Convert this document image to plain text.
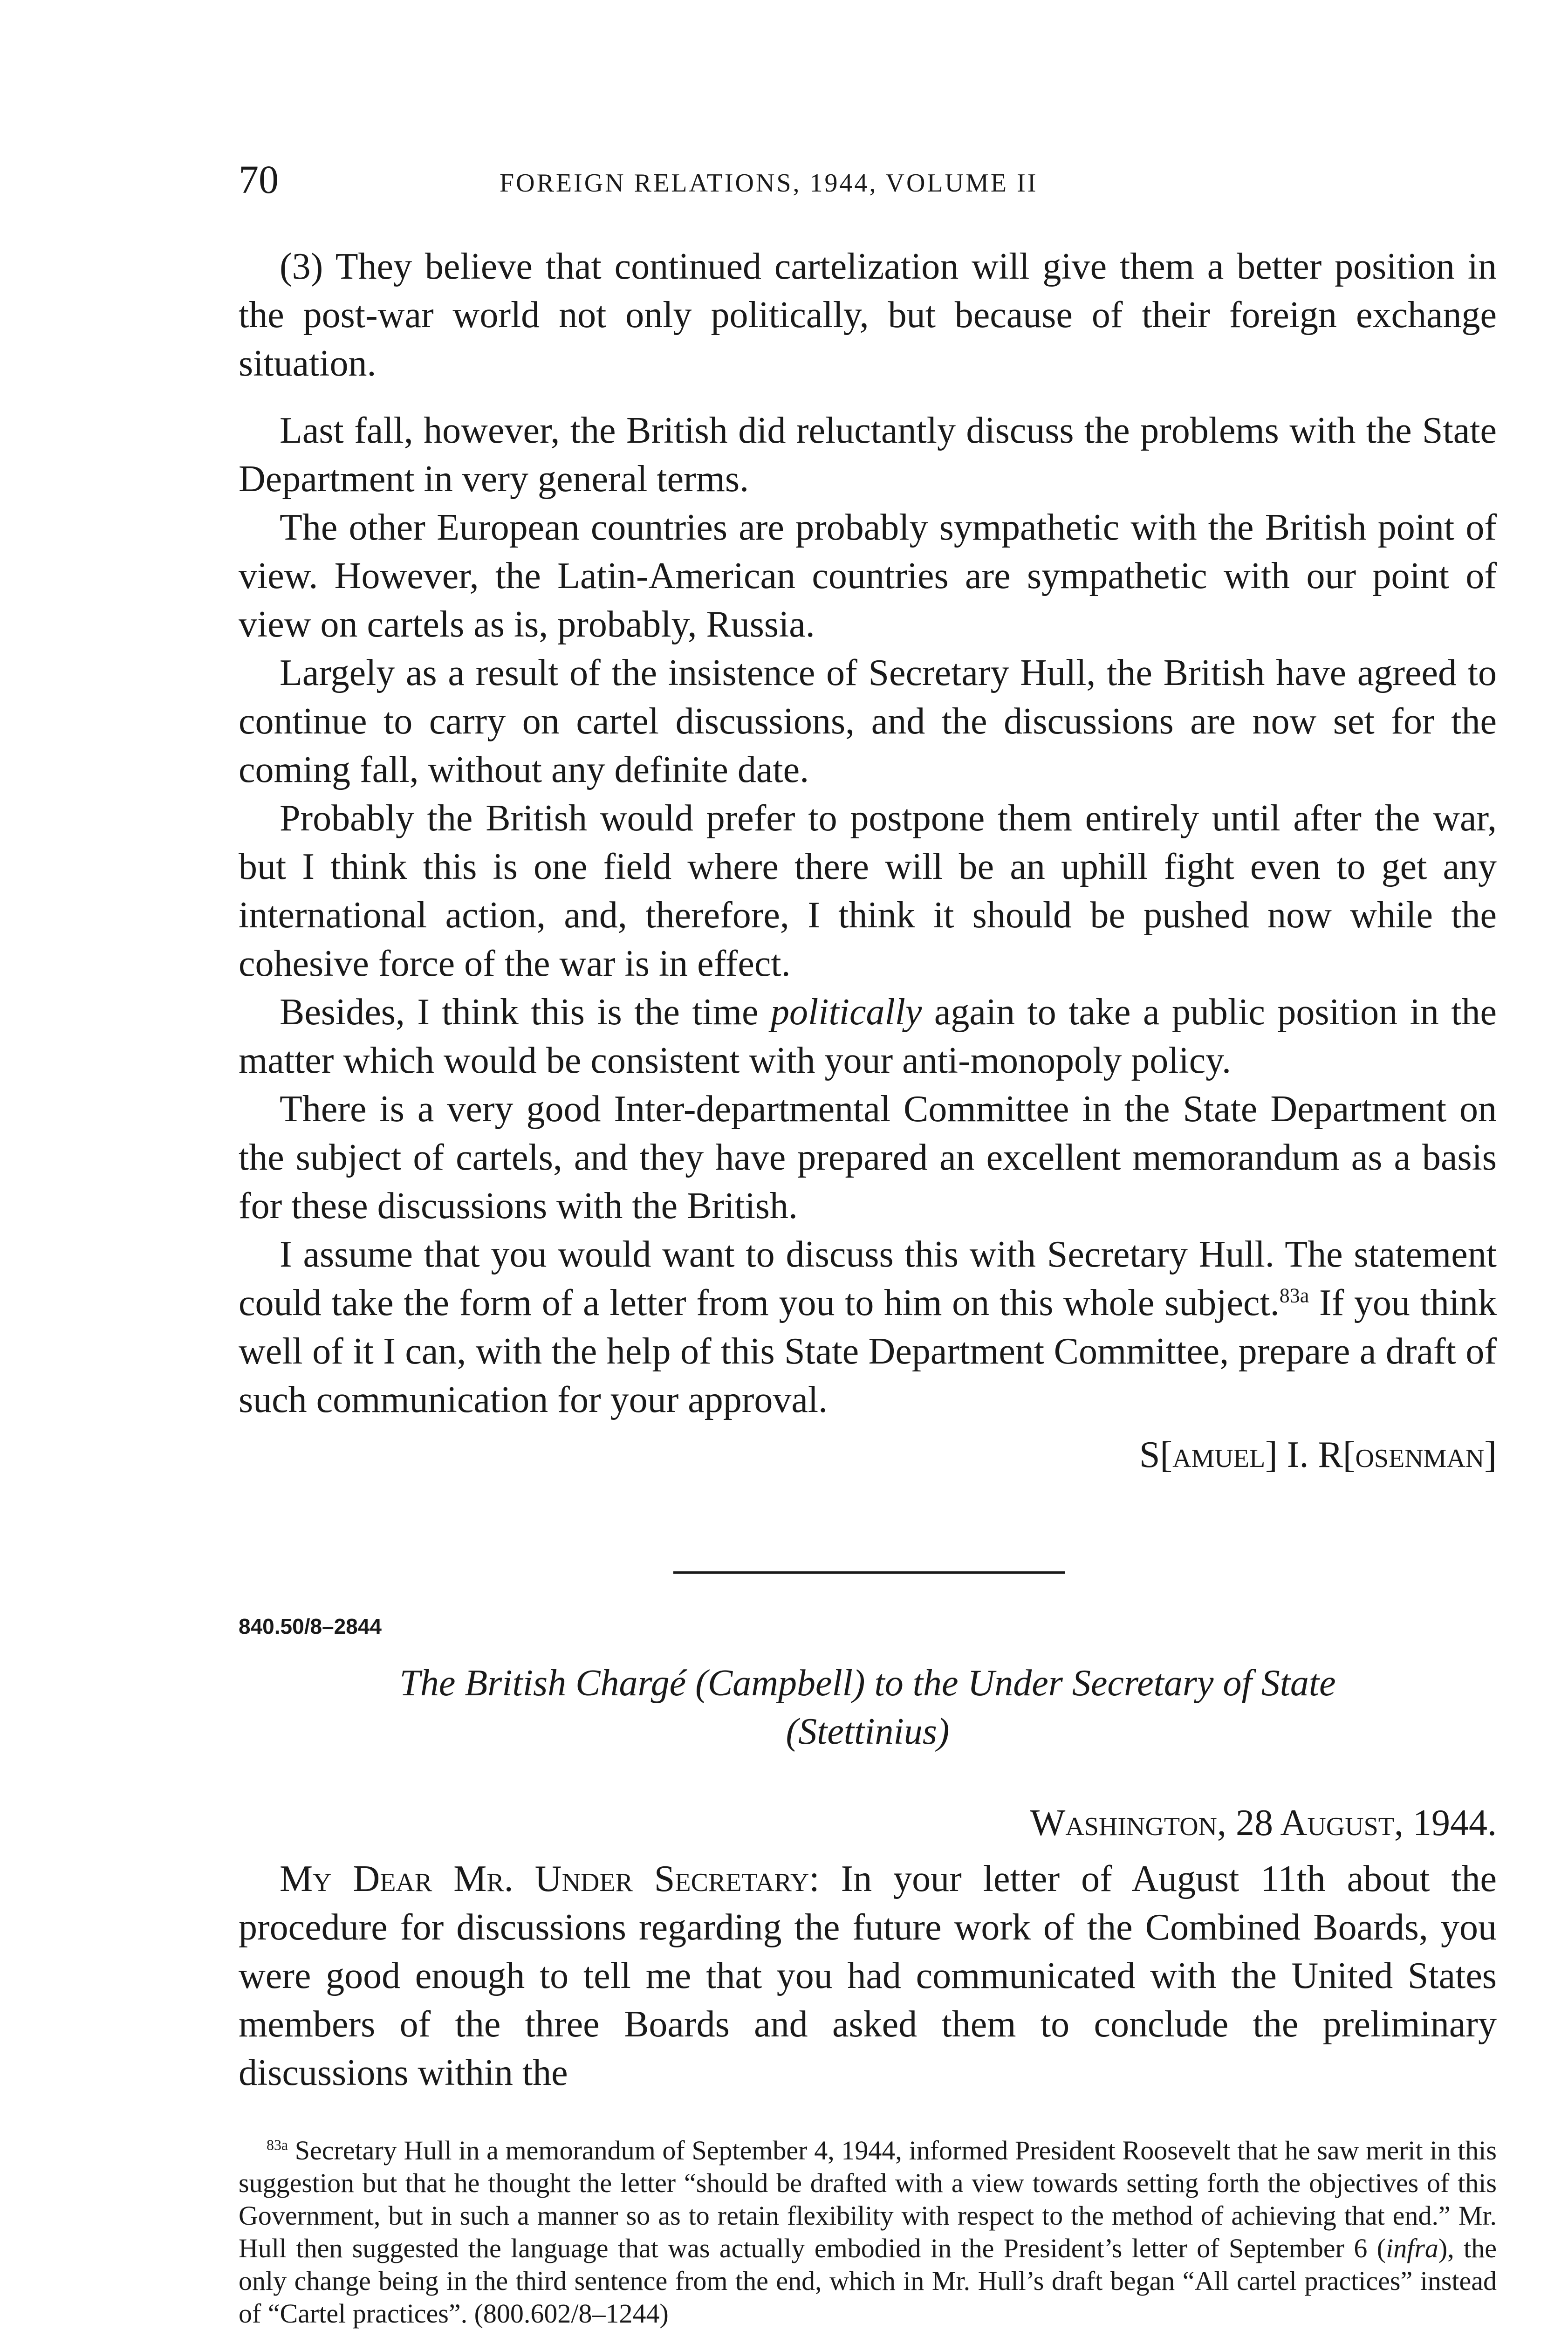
70	FOREIGN RELATIONS, 1944, VOLUME II

(3) They believe that continued cartelization will give them a better position in the post-war world not only politically, but because of their foreign exchange situation.

Last fall, however, the British did reluctantly discuss the problems with the State Department in very general terms.

The other European countries are probably sympathetic with the British point of view. However, the Latin-American countries are sympathetic with our point of view on cartels as is, probably, Russia.

Largely as a result of the insistence of Secretary Hull, the British have agreed to continue to carry on cartel discussions, and the discussions are now set for the coming fall, without any definite date.

Probably the British would prefer to postpone them entirely until after the war, but I think this is one field where there will be an uphill fight even to get any international action, and, therefore, I think it should be pushed now while the cohesive force of the war is in effect.

Besides, I think this is the time politically again to take a public position in the matter which would be consistent with your anti-monopoly policy.

There is a very good Inter-departmental Committee in the State Department on the subject of cartels, and they have prepared an excellent memorandum as a basis for these discussions with the British.

I assume that you would want to discuss this with Secretary Hull. The statement could take the form of a letter from you to him on this whole subject.$^{83a}$ If you think well of it I can, with the help of this State Department Committee, prepare a draft of such communication for your approval.

S[amuel] I. R[osenman]
840.50/8–2844
The British Chargé (Campbell) to the Under Secretary of State
(Stettinius)
Washington, 28 August, 1944.

My Dear Mr. Under Secretary: In your letter of August 11th about the procedure for discussions regarding the future work of the Combined Boards, you were good enough to tell me that you had communicated with the United States members of the three Boards and asked them to conclude the preliminary discussions within the

$^{83a}$ Secretary Hull in a memorandum of September 4, 1944, informed President Roosevelt that he saw merit in this suggestion but that he thought the letter “should be drafted with a view towards setting forth the objectives of this Government, but in such a manner so as to retain flexibility with respect to the method of achieving that end.” Mr. Hull then suggested the language that was actually embodied in the President’s letter of September 6 (infra), the only change being in the third sentence from the end, which in Mr. Hull’s draft began “All cartel practices” instead of “Cartel practices”. (800.602/8–1244)
